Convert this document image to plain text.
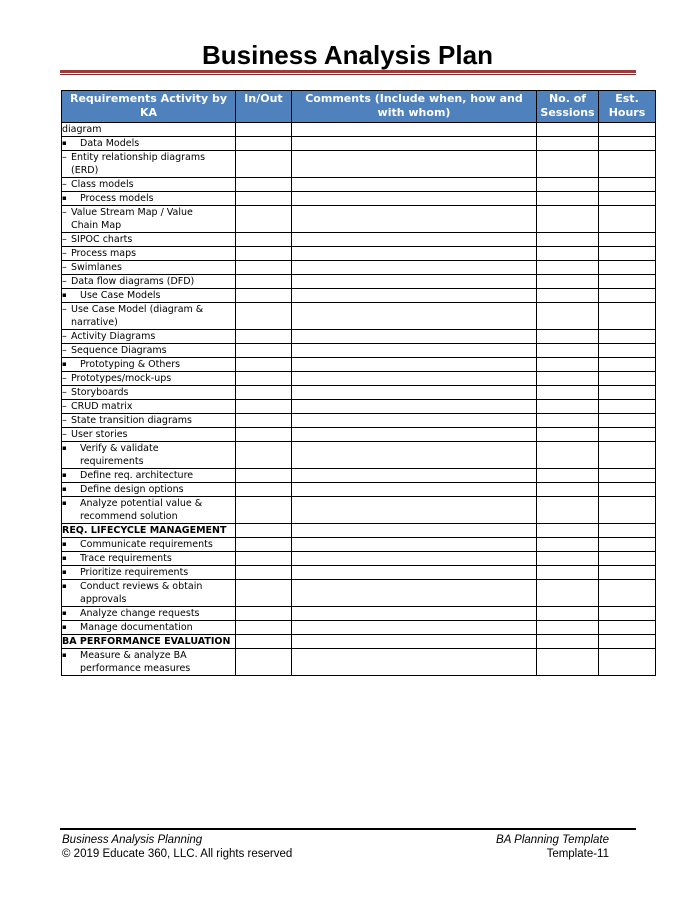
Business Analysis Plan
Requirements Activity by KA	In/Out	Comments (Include when, how and with whom)	No. of Sessions	Est. Hours
diagram				
▪ Data Models				
– Entity relationship diagrams (ERD)				
– Class models				
▪ Process models				
– Value Stream Map / Value Chain Map				
– SIPOC charts				
– Process maps				
– Swimlanes				
– Data flow diagrams (DFD)				
▪ Use Case Models				
– Use Case Model (diagram & narrative)				
– Activity Diagrams				
– Sequence Diagrams				
▪ Prototyping & Others				
– Prototypes/mock-ups				
– Storyboards				
– CRUD matrix				
– State transition diagrams				
– User stories				
▪ Verify & validate requirements				
▪ Define req. architecture				
▪ Define design options				
▪ Analyze potential value & recommend solution				
REQ. LIFECYCLE MANAGEMENT				
▪ Communicate requirements				
▪ Trace requirements				
▪ Prioritize requirements				
▪ Conduct reviews & obtain approvals				
▪ Analyze change requests				
▪ Manage documentation				
BA PERFORMANCE EVALUATION				
▪ Measure & analyze BA performance measures				
Business Analysis Planning	BA Planning Template
© 2019 Educate 360, LLC. All rights reserved	Template-11
